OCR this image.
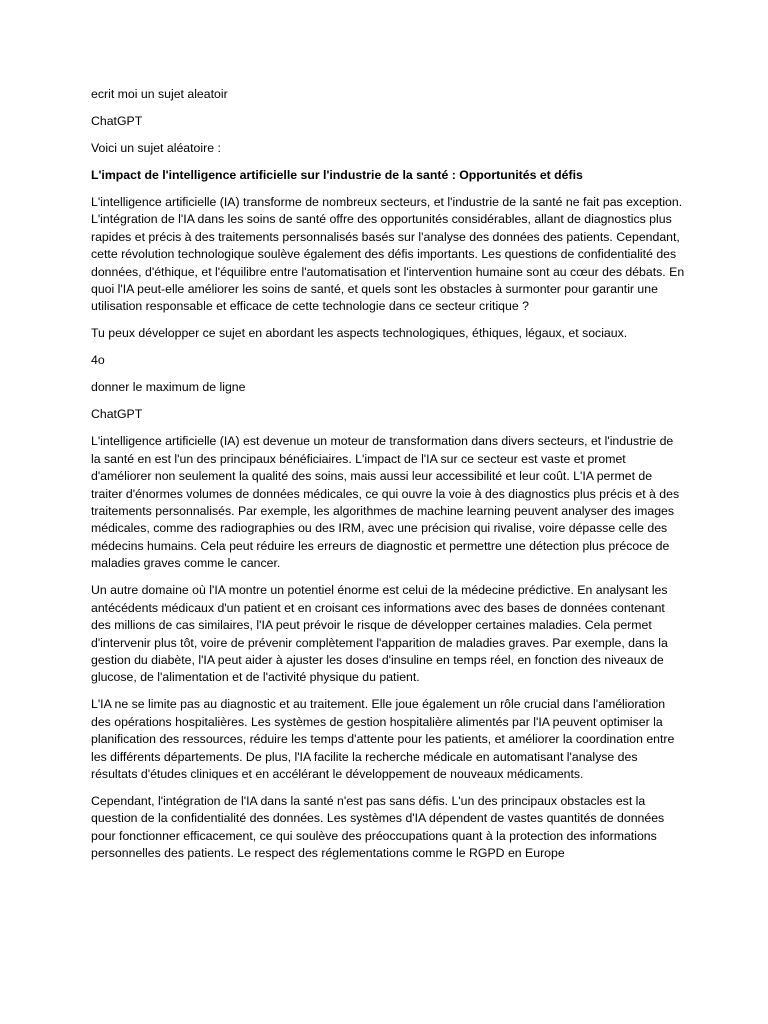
ecrit moi un sujet aleatoir

ChatGPT

Voici un sujet aléatoire :

L'impact de l'intelligence artificielle sur l'industrie de la santé : Opportunités et défis

L'intelligence artificielle (IA) transforme de nombreux secteurs, et l'industrie de la santé ne fait pas exception. L'intégration de l'IA dans les soins de santé offre des opportunités considérables, allant de diagnostics plus rapides et précis à des traitements personnalisés basés sur l'analyse des données des patients. Cependant, cette révolution technologique soulève également des défis importants. Les questions de confidentialité des données, d'éthique, et l'équilibre entre l'automatisation et l'intervention humaine sont au cœur des débats. En quoi l'IA peut-elle améliorer les soins de santé, et quels sont les obstacles à surmonter pour garantir une utilisation responsable et efficace de cette technologie dans ce secteur critique ?

Tu peux développer ce sujet en abordant les aspects technologiques, éthiques, légaux, et sociaux.

4o

donner le maximum de ligne

ChatGPT

L'intelligence artificielle (IA) est devenue un moteur de transformation dans divers secteurs, et l'industrie de la santé en est l'un des principaux bénéficiaires. L'impact de l'IA sur ce secteur est vaste et promet d'améliorer non seulement la qualité des soins, mais aussi leur accessibilité et leur coût. L'IA permet de traiter d'énormes volumes de données médicales, ce qui ouvre la voie à des diagnostics plus précis et à des traitements personnalisés. Par exemple, les algorithmes de machine learning peuvent analyser des images médicales, comme des radiographies ou des IRM, avec une précision qui rivalise, voire dépasse celle des médecins humains. Cela peut réduire les erreurs de diagnostic et permettre une détection plus précoce de maladies graves comme le cancer.

Un autre domaine où l'IA montre un potentiel énorme est celui de la médecine prédictive. En analysant les antécédents médicaux d'un patient et en croisant ces informations avec des bases de données contenant des millions de cas similaires, l'IA peut prévoir le risque de développer certaines maladies. Cela permet d'intervenir plus tôt, voire de prévenir complètement l'apparition de maladies graves. Par exemple, dans la gestion du diabète, l'IA peut aider à ajuster les doses d'insuline en temps réel, en fonction des niveaux de glucose, de l'alimentation et de l'activité physique du patient.

L'IA ne se limite pas au diagnostic et au traitement. Elle joue également un rôle crucial dans l'amélioration des opérations hospitalières. Les systèmes de gestion hospitalière alimentés par l'IA peuvent optimiser la planification des ressources, réduire les temps d'attente pour les patients, et améliorer la coordination entre les différents départements. De plus, l'IA facilite la recherche médicale en automatisant l'analyse des résultats d'études cliniques et en accélérant le développement de nouveaux médicaments.

Cependant, l'intégration de l'IA dans la santé n'est pas sans défis. L'un des principaux obstacles est la question de la confidentialité des données. Les systèmes d'IA dépendent de vastes quantités de données pour fonctionner efficacement, ce qui soulève des préoccupations quant à la protection des informations personnelles des patients. Le respect des réglementations comme le RGPD en Europe
